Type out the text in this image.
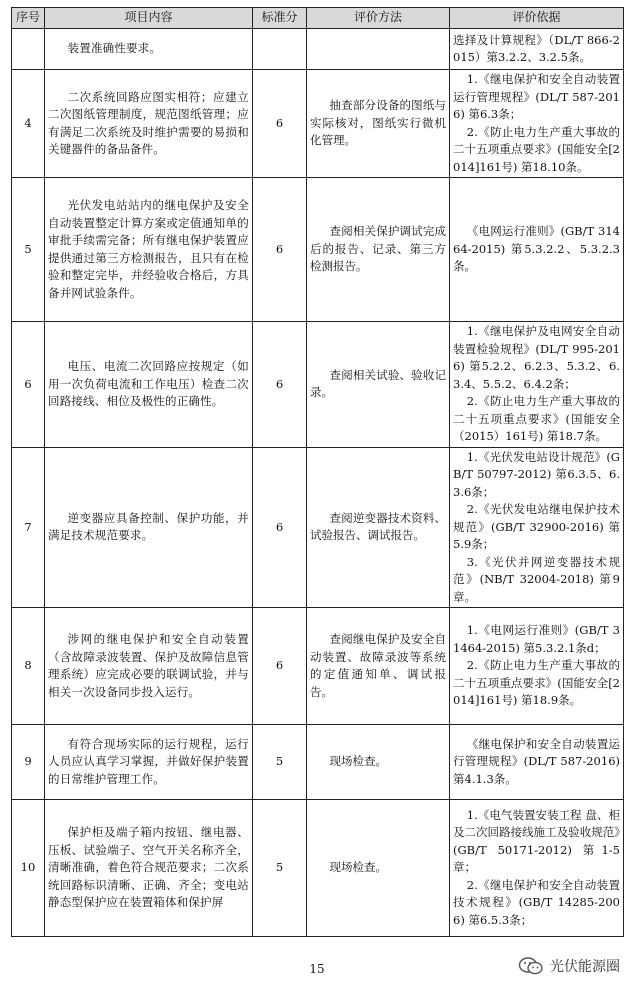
序号	项目内容	标准分	评价方法	评价依据
	装置准确性要求。			选择及计算规程》（DL/T 866-2015）第3.2.2、3.2.5条。

4	二次系统回路应图实相符；应建立二次图纸管理制度，规范图纸管理；应有满足二次系统及时维护需要的易损和关键器件的备品备件。	6	抽查部分设备的图纸与实际核对，图纸实行微机化管理。	1.《继电保护和安全自动装置运行管理规程》(DL/T 587-2016) 第6.3条；
2.《防止电力生产重大事故的二十五项重点要求》(国能安全[2014]161号) 第18.10条。

5	光伏发电站站内的继电保护及安全自动装置整定计算方案或定值通知单的审批手续需完备；所有继电保护装置应提供通过第三方检测报告，且只有在检验和整定完毕，并经验收合格后，方具备并网试验条件。	6	查阅相关保护调试完成后的报告、记录、第三方检测报告。	《电网运行准则》(GB/T 31464-2015) 第5.3.2.2、5.3.2.3条。

6	电压、电流二次回路应按规定（如用一次负荷电流和工作电压）检查二次回路接线、相位及极性的正确性。	6	查阅相关试验、验收记录。	1.《继电保护及电网安全自动装置检验规程》(DL/T 995-2016) 第5.2.2、6.2.3、5.3.2、6.3.4、5.5.2、6.4.2条；
2.《防止电力生产重大事故的二十五项重点要求》(国能安全（2015）161号) 第18.7条。

7	逆变器应具备控制、保护功能，并满足技术规范要求。	6	查阅逆变器技术资料、试验报告、调试报告。	1.《光伏发电站设计规范》(GB/T 50797-2012) 第6.3.5、6.3.6条；
2.《光伏发电站继电保护技术规范》(GB/T 32900-2016) 第5.9条；
3.《光伏并网逆变器技术规范》(NB/T 32004-2018) 第9章。

8	涉网的继电保护和安全自动装置（含故障录波装置、保护及故障信息管理系统）应完成必要的联调试验，并与相关一次设备同步投入运行。	6	查阅继电保护及安全自动装置、故障录波等系统的定值通知单、调试报告。	1.《电网运行准则》(GB/T 31464-2015) 第5.3.2.1条d；
2.《防止电力生产重大事故的二十五项重点要求》(国能安全[2014]161号) 第18.9条。

9	有符合现场实际的运行规程，运行人员应认真学习掌握，并做好保护装置的日常维护管理工作。	5	现场检查。	《继电保护和安全自动装置运行管理规程》(DL/T 587-2016) 第4.1.3条。

10	保护柜及端子箱内按钮、继电器、压板、试验端子、空气开关名称齐全，清晰准确，着色符合规范要求；二次系统回路标识清晰、正确、齐全；变电站静态型保护应在装置箱体和保护屏	5	现场检查。	1.《电气装置安装工程 盘、柜及二次回路接线施工及验收规范》(GB/T 50171-2012) 第1-5章；
2.《继电保护和安全自动装置技术规程》(GB/T 14285-2006) 第6.5.3条；
15	光伏能源圈
